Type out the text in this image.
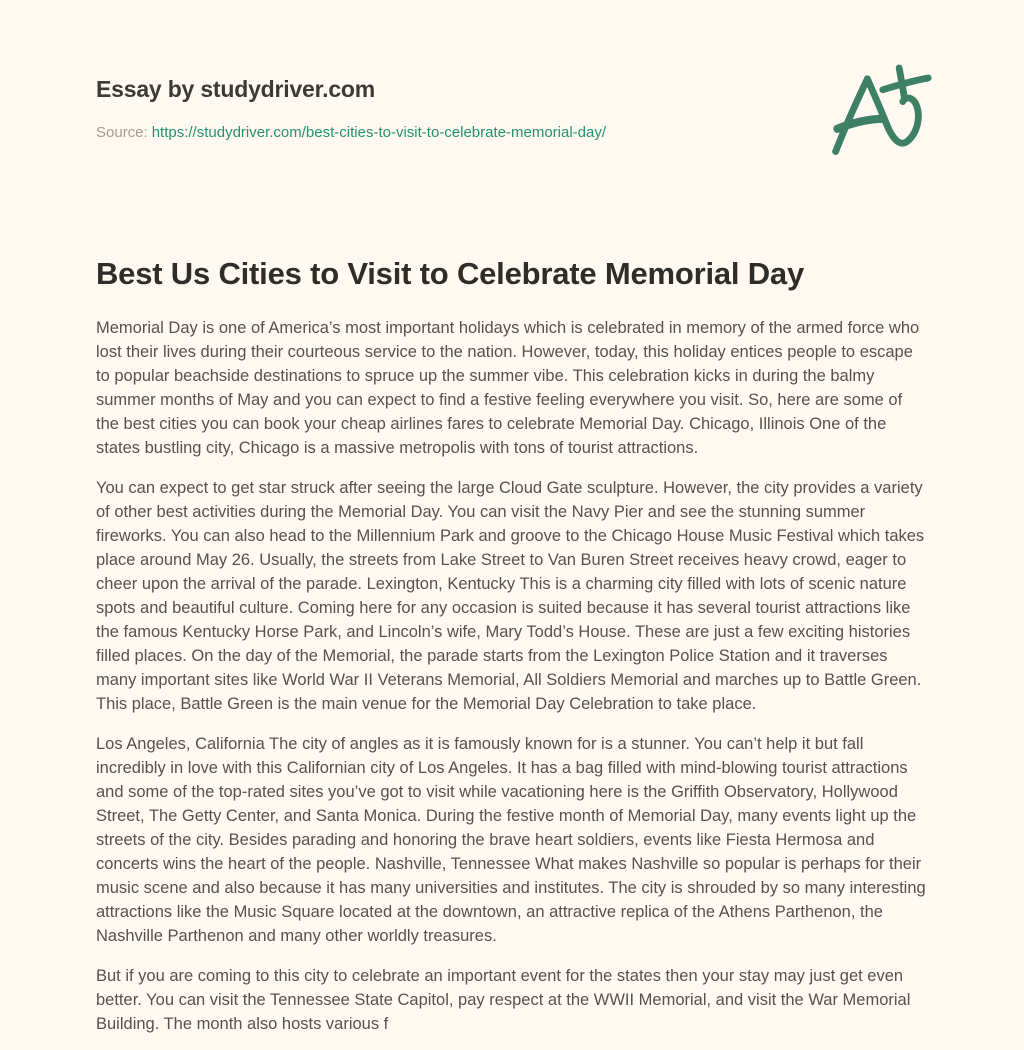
Essay by studydriver.com
Source: https://studydriver.com/best-cities-to-visit-to-celebrate-memorial-day/
Best Us Cities to Visit to Celebrate Memorial Day

Memorial Day is one of America’s most important holidays which is celebrated in memory of the armed force who lost their lives during their courteous service to the nation. However, today, this holiday entices people to escape to popular beachside destinations to spruce up the summer vibe. This celebration kicks in during the balmy summer months of May and you can expect to find a festive feeling everywhere you visit. So, here are some of the best cities you can book your cheap airlines fares to celebrate Memorial Day. Chicago, Illinois One of the states bustling city, Chicago is a massive metropolis with tons of tourist attractions.

You can expect to get star struck after seeing the large Cloud Gate sculpture. However, the city provides a variety of other best activities during the Memorial Day. You can visit the Navy Pier and see the stunning summer fireworks. You can also head to the Millennium Park and groove to the Chicago House Music Festival which takes place around May 26. Usually, the streets from Lake Street to Van Buren Street receives heavy crowd, eager to cheer upon the arrival of the parade. Lexington, Kentucky This is a charming city filled with lots of scenic nature spots and beautiful culture. Coming here for any occasion is suited because it has several tourist attractions like the famous Kentucky Horse Park, and Lincoln’s wife, Mary Todd’s House. These are just a few exciting histories filled places. On the day of the Memorial, the parade starts from the Lexington Police Station and it traverses many important sites like World War II Veterans Memorial, All Soldiers Memorial and marches up to Battle Green. This place, Battle Green is the main venue for the Memorial Day Celebration to take place.

Los Angeles, California The city of angles as it is famously known for is a stunner. You can’t help it but fall incredibly in love with this Californian city of Los Angeles. It has a bag filled with mind-blowing tourist attractions and some of the top-rated sites you’ve got to visit while vacationing here is the Griffith Observatory, Hollywood Street, The Getty Center, and Santa Monica. During the festive month of Memorial Day, many events light up the streets of the city. Besides parading and honoring the brave heart soldiers, events like Fiesta Hermosa and concerts wins the heart of the people. Nashville, Tennessee What makes Nashville so popular is perhaps for their music scene and also because it has many universities and institutes. The city is shrouded by so many interesting attractions like the Music Square located at the downtown, an attractive replica of the Athens Parthenon, the Nashville Parthenon and many other worldly treasures.

But if you are coming to this city to celebrate an important event for the states then your stay may just get even better. You can visit the Tennessee State Capitol, pay respect at the WWII Memorial, and visit the War Memorial Building. The month also hosts various f
